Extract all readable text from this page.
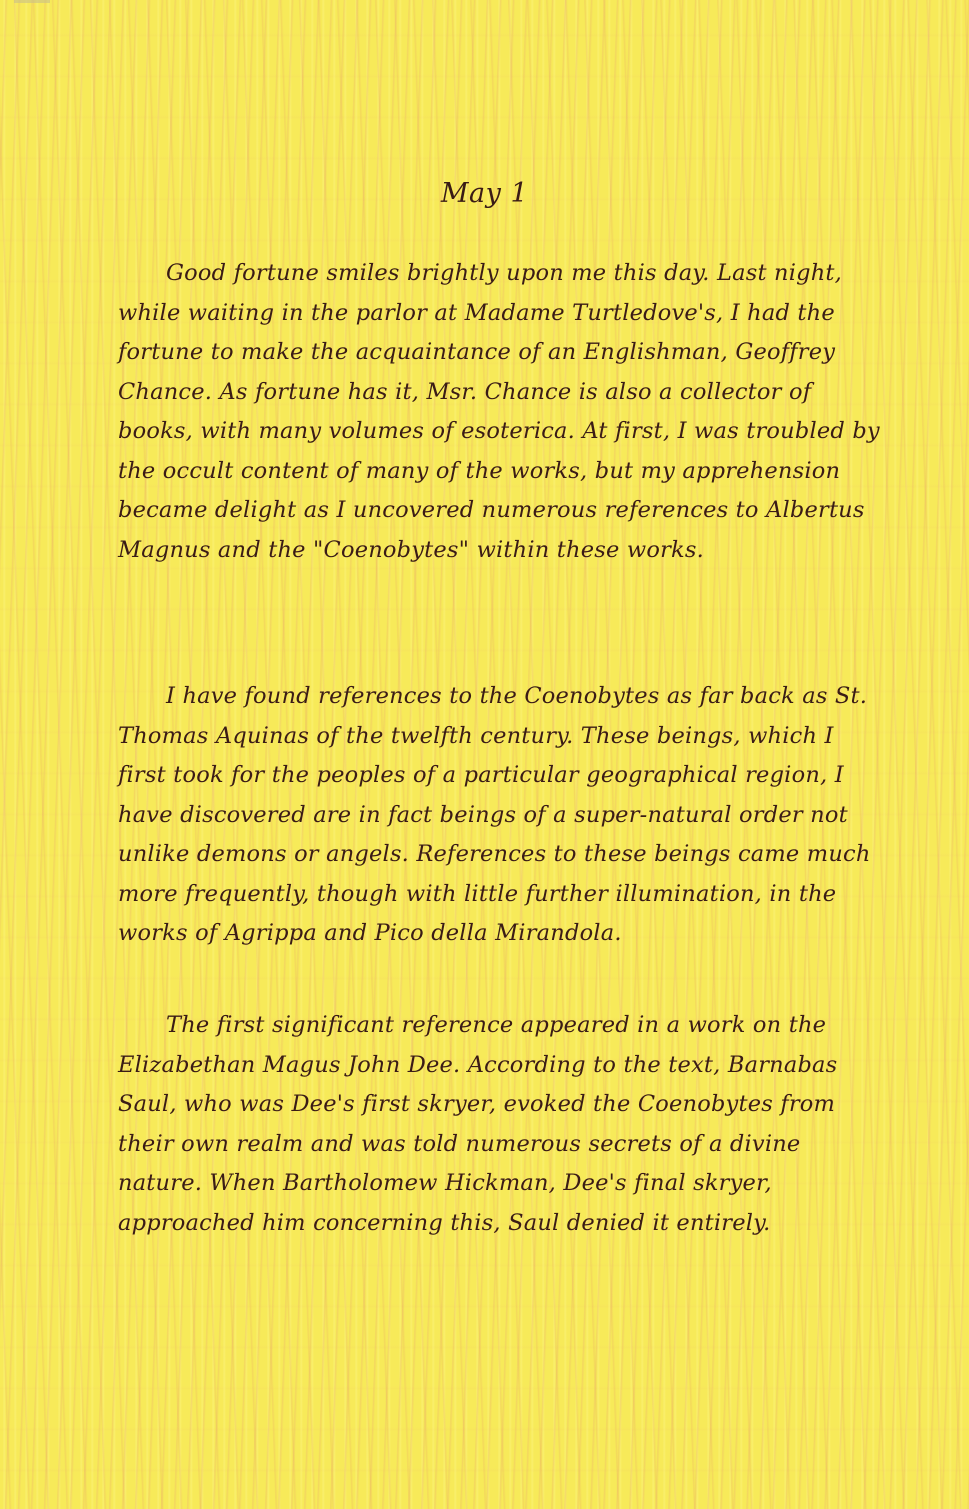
May 1

Good fortune smiles brightly upon me this day. Last night, while waiting in the parlor at Madame Turtledove's, I had the fortune to make the acquaintance of an Englishman, Geoffrey Chance. As fortune has it, Msr. Chance is also a collector of books, with many volumes of esoterica. At first, I was troubled by the occult content of many of the works, but my apprehension became delight as I uncovered numerous references to Albertus Magnus and the "Coenobytes" within these works.

I have found references to the Coenobytes as far back as St. Thomas Aquinas of the twelfth century. These beings, which I first took for the peoples of a particular geographical region, I have discovered are in fact beings of a super-natural order not unlike demons or angels. References to these beings came much more frequently, though with little further illumination, in the works of Agrippa and Pico della Mirandola.

The first significant reference appeared in a work on the Elizabethan Magus John Dee. According to the text, Barnabas Saul, who was Dee's first skryer, evoked the Coenobytes from their own realm and was told numerous secrets of a divine nature. When Bartholomew Hickman, Dee's final skryer, approached him concerning this, Saul denied it entirely.
